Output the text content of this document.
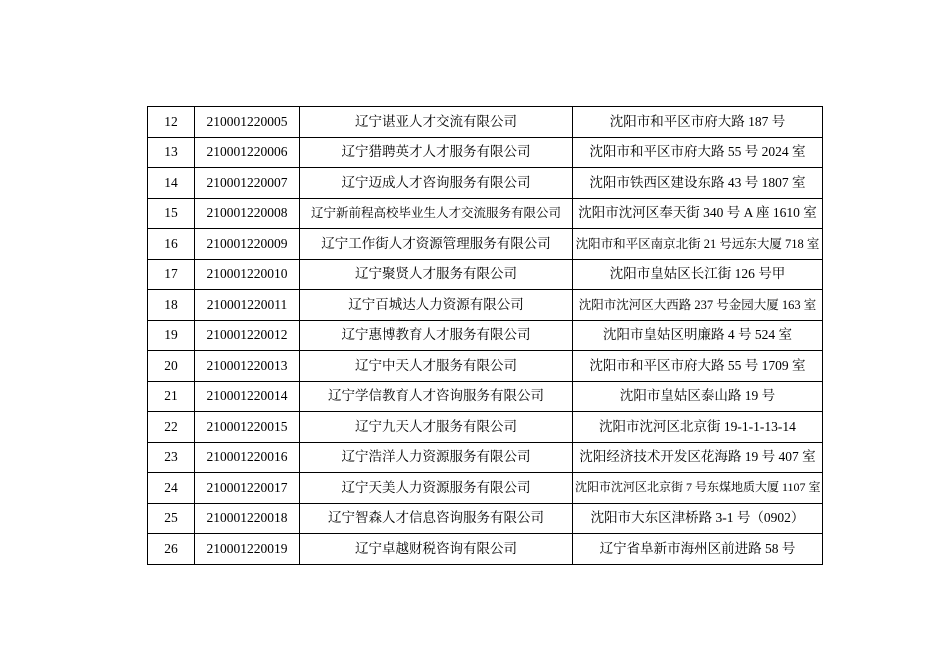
12	210001220005	辽宁谌亚人才交流有限公司	沈阳市和平区市府大路 187 号

13	210001220006	辽宁猎聘英才人才服务有限公司	沈阳市和平区市府大路 55 号 2024 室

14	210001220007	辽宁迈成人才咨询服务有限公司	沈阳市铁西区建设东路 43 号 1807 室

15	210001220008	辽宁新前程高校毕业生人才交流服务有限公司	沈阳市沈河区奉天街 340 号 A 座 1610 室

16	210001220009	辽宁工作街人才资源管理服务有限公司	沈阳市和平区南京北街 21 号远东大厦 718 室

17	210001220010	辽宁聚贤人才服务有限公司	沈阳市皇姑区长江街 126 号甲

18	210001220011	辽宁百城达人力资源有限公司	沈阳市沈河区大西路 237 号金园大厦 163 室

19	210001220012	辽宁惠博教育人才服务有限公司	沈阳市皇姑区明廉路 4 号 524 室

20	210001220013	辽宁中天人才服务有限公司	沈阳市和平区市府大路 55 号 1709 室

21	210001220014	辽宁学信教育人才咨询服务有限公司	沈阳市皇姑区泰山路 19 号

22	210001220015	辽宁九天人才服务有限公司	沈阳市沈河区北京街 19-1-1-13-14

23	210001220016	辽宁浩洋人力资源服务有限公司	沈阳经济技术开发区花海路 19 号 407 室

24	210001220017	辽宁天美人力资源服务有限公司	沈阳市沈河区北京街 7 号东煤地质大厦 1107 室

25	210001220018	辽宁智森人才信息咨询服务有限公司	沈阳市大东区津桥路 3-1 号（0902）

26	210001220019	辽宁卓越财税咨询有限公司	辽宁省阜新市海州区前进路 58 号
